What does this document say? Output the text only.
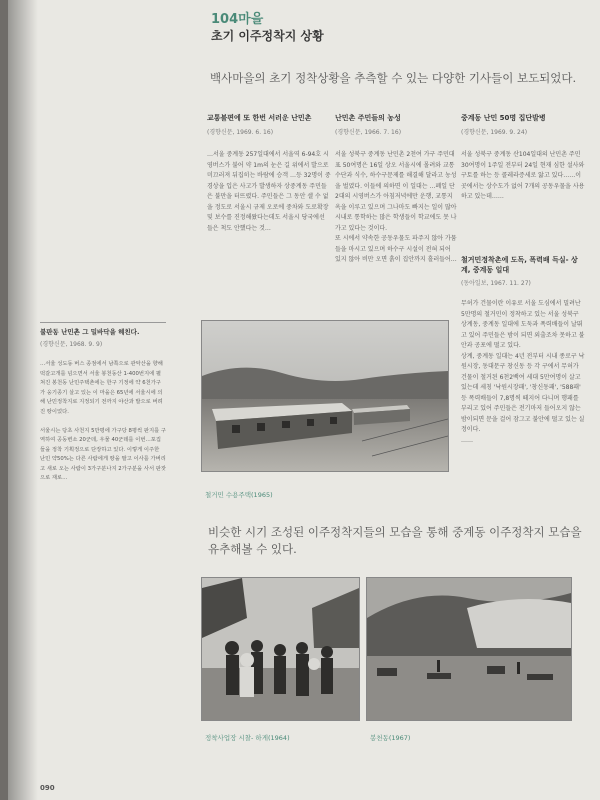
104마을
초기 이주정착지 상황
백사마을의 초기 정착상황을 추측할 수 있는 다양한 기사들이 보도되었다.
교통불편에 또 한번 서러운 난민촌
(경향신문, 1969. 6. 16)
…서울 중계동 257일대에서 서울역 6-94호 시영버스가 불어 약 1m의 눈은 길 위에서 발으로 미끄러져 뒤집히는 바람에 승객 …등 32명이 중경상을 입은 사고가 발생하자 상중계동 주민들은 불만을 터뜨렸다. 주민들은 그 동안 셀 수 없을 정도로 서울시 규제 오로에 중차와 도로확장 및 보수를 진정해왔다는데도 서울시 당국에선 들은 척도 안했다는 것…
난민촌 주민들의 농성
(경향신문, 1966. 7. 16)
서울 성북구 중계동 난민촌 2천여 가구 주민대표 50여명은 16일 상오 서울시에 몰려와 교통수단과 식수, 하수구문제를 해결해 달라고 농성을 벌였다. 이들에 의하면 이 일대는 …폐일 단 2대의 시영버스가 아침저녁에만 운행, 교통지옥을 이루고 있으며 그나마도 빠지는 일이 많아 시내로 통학하는 많은 학생들이 학교에도 못 나가고 있다는 것이다.
또 시에서 약속한 공동우물도 파주지 않아 가뭄들을 마시고 있으며 하수구 시설이 전혀 되어 있지 않아 비만 오면 흙이 집안까지 흘러들어…
중계동 난민 50명 집단발병
(경향신문, 1969. 9. 24)
서울 성북구 중계동 산104일대의 난민촌 주민 30여명이 1주일 전부터 24일 현재 심한 설사와 구토를 하는 등 콜레라증세로 앓고 있다……이곳에서는 상수도가 없어 7개의 공동우물을 사용하고 있는데……
철거민정착촌에 도독, 폭력배 득실- 상계, 중계동 일대
(동아일보, 1967. 11. 27)
무허가 건물이란 이유로 서울 도심에서 밀려난 5만명의 철거민이 정착하고 있는 서울 성북구 상계동, 중계동 일대에 도둑과 폭력배들이 날뛰고 있어 주민들은 밤이 되면 외출조차 못하고 불안과 공포에 떨고 있다.
상계, 중계동 일대는 4년 전부터 시내 종로구 낙원시장, 동대문구 창신동 등 각 구에서 무허가 건물이 철거된 6천2백여 세대 5만여명이 살고 있는데 세칭 '낙원시장패', '창신동패', '588패' 등 폭력배들이 7,8명씩 떼지어 다니며 행패를 부리고 있어 주민들은 전기마저 들어오지 않는 밤이되면 문을 걸어 잠그고 불안에 떨고 있는 실정이다.
……
철거민 수용주택(1965)
불판동 난민촌 그 밀바닥을 헤친다.
(경향신문, 1968. 9. 9)
…서울 성도동 버스 종점에서 남쪽으로 관악산을 향해 떡갈고개를 넘으면서 서울 봉천동산 1-400번지에 펼쳐진 봉천동 난민주택촌에는 한구 기정에 약 6천가구가 웅기종기 살고 있는 이 마을은 65년에 서울시에 의해 난민정착지로 지정되기 전까지 야산과 발으로 버려진 땅이었다.

서울시는 당초 사천지 5만평에 가구당 8평씩 판지를 구역하여 공동변소 20군데, 우물 40군데를 이번…포집들을 정착 기획정으로 단장하고 있다. 이렇게 이주한 난민 약50%는 다른 사람에게 땅을 팔고 이사를 가버리고 새로 오는 사람이 3가구분나지 2가구분을 사서 판잣으로 재로…
비슷한 시기 조성된 이주정착지들의 모습을 통해 중계동 이주정착지 모습을 유추해볼 수 있다.
정착사업장 시찰- 하게(1964)	봉천동(1967)
090
